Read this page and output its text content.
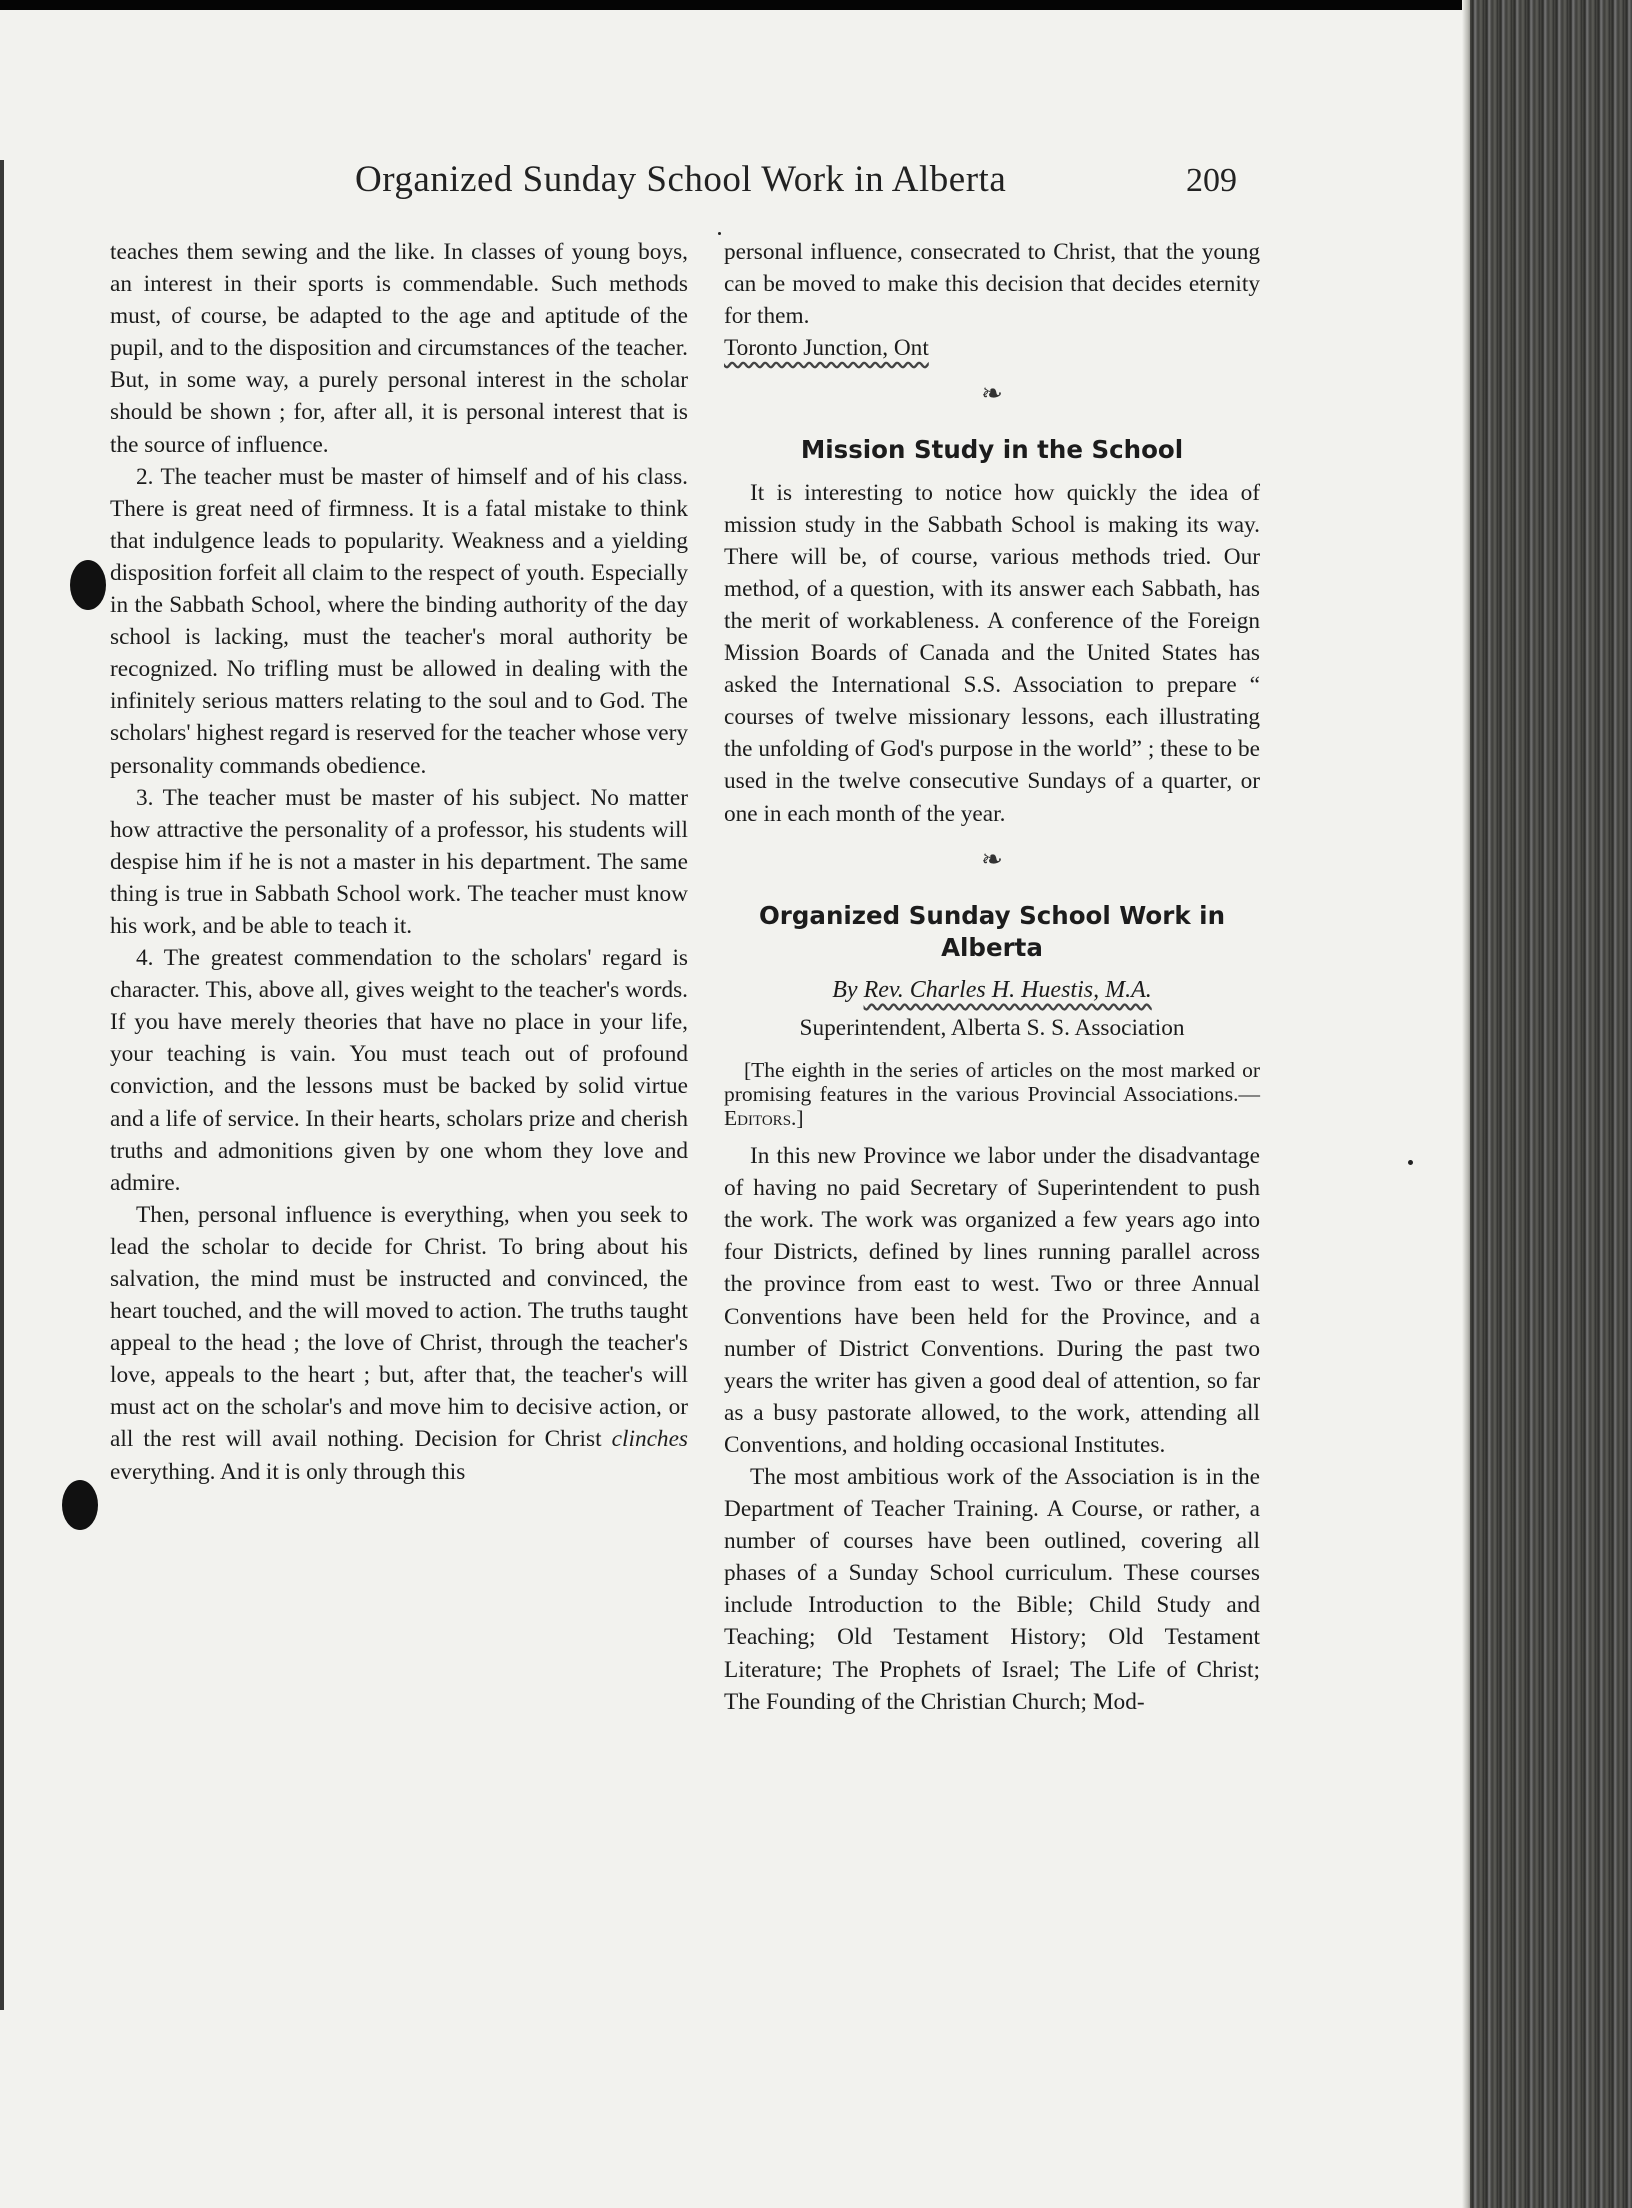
Organized Sunday School Work in Alberta	209

teaches them sewing and the like. In classes of young boys, an interest in their sports is commendable. Such methods must, of course, be adapted to the age and aptitude of the pupil, and to the disposition and circumstances of the teacher. But, in some way, a purely personal interest in the scholar should be shown ; for, after all, it is personal interest that is the source of influence.

2. The teacher must be master of himself and of his class. There is great need of firmness. It is a fatal mistake to think that indulgence leads to popularity. Weakness and a yielding disposition forfeit all claim to the respect of youth. Especially in the Sabbath School, where the binding authority of the day school is lacking, must the teacher's moral authority be recognized. No trifling must be allowed in dealing with the infinitely serious matters relating to the soul and to God. The scholars' highest regard is reserved for the teacher whose very personality commands obedience.

3. The teacher must be master of his subject. No matter how attractive the personality of a professor, his students will despise him if he is not a master in his department. The same thing is true in Sabbath School work. The teacher must know his work, and be able to teach it.

4. The greatest commendation to the scholars' regard is character. This, above all, gives weight to the teacher's words. If you have merely theories that have no place in your life, your teaching is vain. You must teach out of profound conviction, and the lessons must be backed by solid virtue and a life of service. In their hearts, scholars prize and cherish truths and admonitions given by one whom they love and admire.

Then, personal influence is everything, when you seek to lead the scholar to decide for Christ. To bring about his salvation, the mind must be instructed and convinced, the heart touched, and the will moved to action. The truths taught appeal to the head ; the love of Christ, through the teacher's love, appeals to the heart ; but, after that, the teacher's will must act on the scholar's and move him to decisive action, or all the rest will avail nothing. Decision for Christ clinches everything. And it is only through this

personal influence, consecrated to Christ, that the young can be moved to make this decision that decides eternity for them.

Toronto Junction, Ont

❧
Mission Study in the School

It is interesting to notice how quickly the idea of mission study in the Sabbath School is making its way. There will be, of course, various methods tried. Our method, of a question, with its answer each Sabbath, has the merit of workableness. A conference of the Foreign Mission Boards of Canada and the United States has asked the International S.S. Association to prepare “ courses of twelve missionary lessons, each illustrating the unfolding of God's purpose in the world” ; these to be used in the twelve consecutive Sundays of a quarter, or one in each month of the year.

❧
Organized Sunday School Work in Alberta
By Rev. Charles H. Huestis, M.A.
Superintendent, Alberta S. S. Association

[The eighth in the series of articles on the most marked or promising features in the various Provincial Associations.—Editors.]

In this new Province we labor under the disadvantage of having no paid Secretary of Superintendent to push the work. The work was organized a few years ago into four Districts, defined by lines running parallel across the province from east to west. Two or three Annual Conventions have been held for the Province, and a number of District Conventions. During the past two years the writer has given a good deal of attention, so far as a busy pastorate allowed, to the work, attending all Conventions, and holding occasional Institutes.

The most ambitious work of the Association is in the Department of Teacher Training. A Course, or rather, a number of courses have been outlined, covering all phases of a Sunday School curriculum. These courses include Introduction to the Bible; Child Study and Teaching; Old Testament History; Old Testament Literature; The Prophets of Israel; The Life of Christ; The Founding of the Christian Church; Mod-
